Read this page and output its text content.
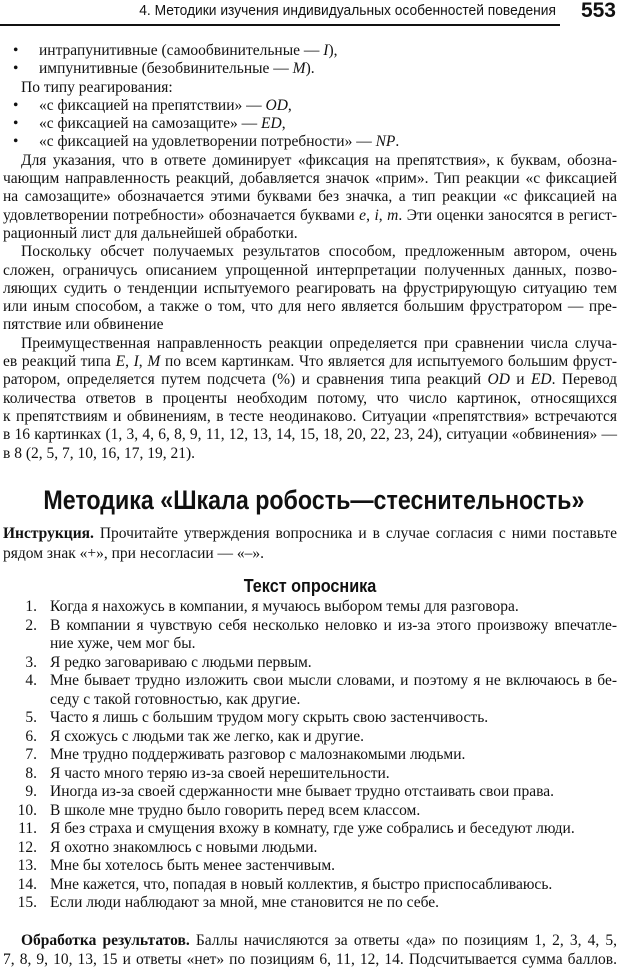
4. Методики изучения индивидуальных особенностей поведения 553
• интрапунитивные (самообвинительные — I),
• импунитивные (безобвинительные — M).
По типу реагирования:
• «с фиксацией на препятствии» — OD,
• «с фиксацией на самозащите» — ED,
• «с фиксацией на удовлетворении потребности» — NP.
Для указания, что в ответе доминирует «фиксация на препятствия», к буквам, обозна-
чающим направленность реакций, добавляется значок «прим». Тип реакции «с фиксацией
на самозащите» обозначается этими буквами без значка, а тип реакции «с фиксацией на
удовлетворении потребности» обозначается буквами e, i, m. Эти оценки заносятся в регист-
рационный лист для дальнейшей обработки.
Поскольку обсчет получаемых результатов способом, предложенным автором, очень
сложен, ограничусь описанием упрощенной интерпретации полученных данных, позво-
ляющих судить о тенденции испытуемого реагировать на фрустрирующую ситуацию тем
или иным способом, а также о том, что для него является большим фрустратором — пре-
пятствие или обвинение
Преимущественная направленность реакции определяется при сравнении числа случа-
ев реакций типа E, I, M по всем картинкам. Что является для испытуемого большим фруст-
ратором, определяется путем подсчета (%) и сравнения типа реакций OD и ED. Перевод
количества ответов в проценты необходим потому, что число картинок, относящихся
к препятствиям и обвинениям, в тесте неодинаково. Ситуации «препятствия» встречаются
в 16 картинках (1, 3, 4, 6, 8, 9, 11, 12, 13, 14, 15, 18, 20, 22, 23, 24), ситуации «обвинения» —
в 8 (2, 5, 7, 10, 16, 17, 19, 21).
Методика «Шкала робость—стеснительность»
Инструкция. Прочитайте утверждения вопросника и в случае согласия с ними поставьте
рядом знак «+», при несогласии — «–».
Текст опросника
1. Когда я нахожусь в компании, я мучаюсь выбором темы для разговора.
2. В компании я чувствую себя несколько неловко и из-за этого произвожу впечатле-
ние хуже, чем мог бы.
3. Я редко заговариваю с людьми первым.
4. Мне бывает трудно изложить свои мысли словами, и поэтому я не включаюсь в бе-
седу с такой готовностью, как другие.
5. Часто я лишь с большим трудом могу скрыть свою застенчивость.
6. Я схожусь с людьми так же легко, как и другие.
7. Мне трудно поддерживать разговор с малознакомыми людьми.
8. Я часто много теряю из-за своей нерешительности.
9. Иногда из-за своей сдержанности мне бывает трудно отстаивать свои права.
10. В школе мне трудно было говорить перед всем классом.
11. Я без страха и смущения вхожу в комнату, где уже собрались и беседуют люди.
12. Я охотно знакомлюсь с новыми людьми.
13. Мне бы хотелось быть менее застенчивым.
14. Мне кажется, что, попадая в новый коллектив, я быстро приспосабливаюсь.
15. Если люди наблюдают за мной, мне становится не по себе.
Обработка результатов. Баллы начисляются за ответы «да» по позициям 1, 2, 3, 4, 5,
7, 8, 9, 10, 13, 15 и ответы «нет» по позициям 6, 11, 12, 14. Подсчитывается сумма баллов.
